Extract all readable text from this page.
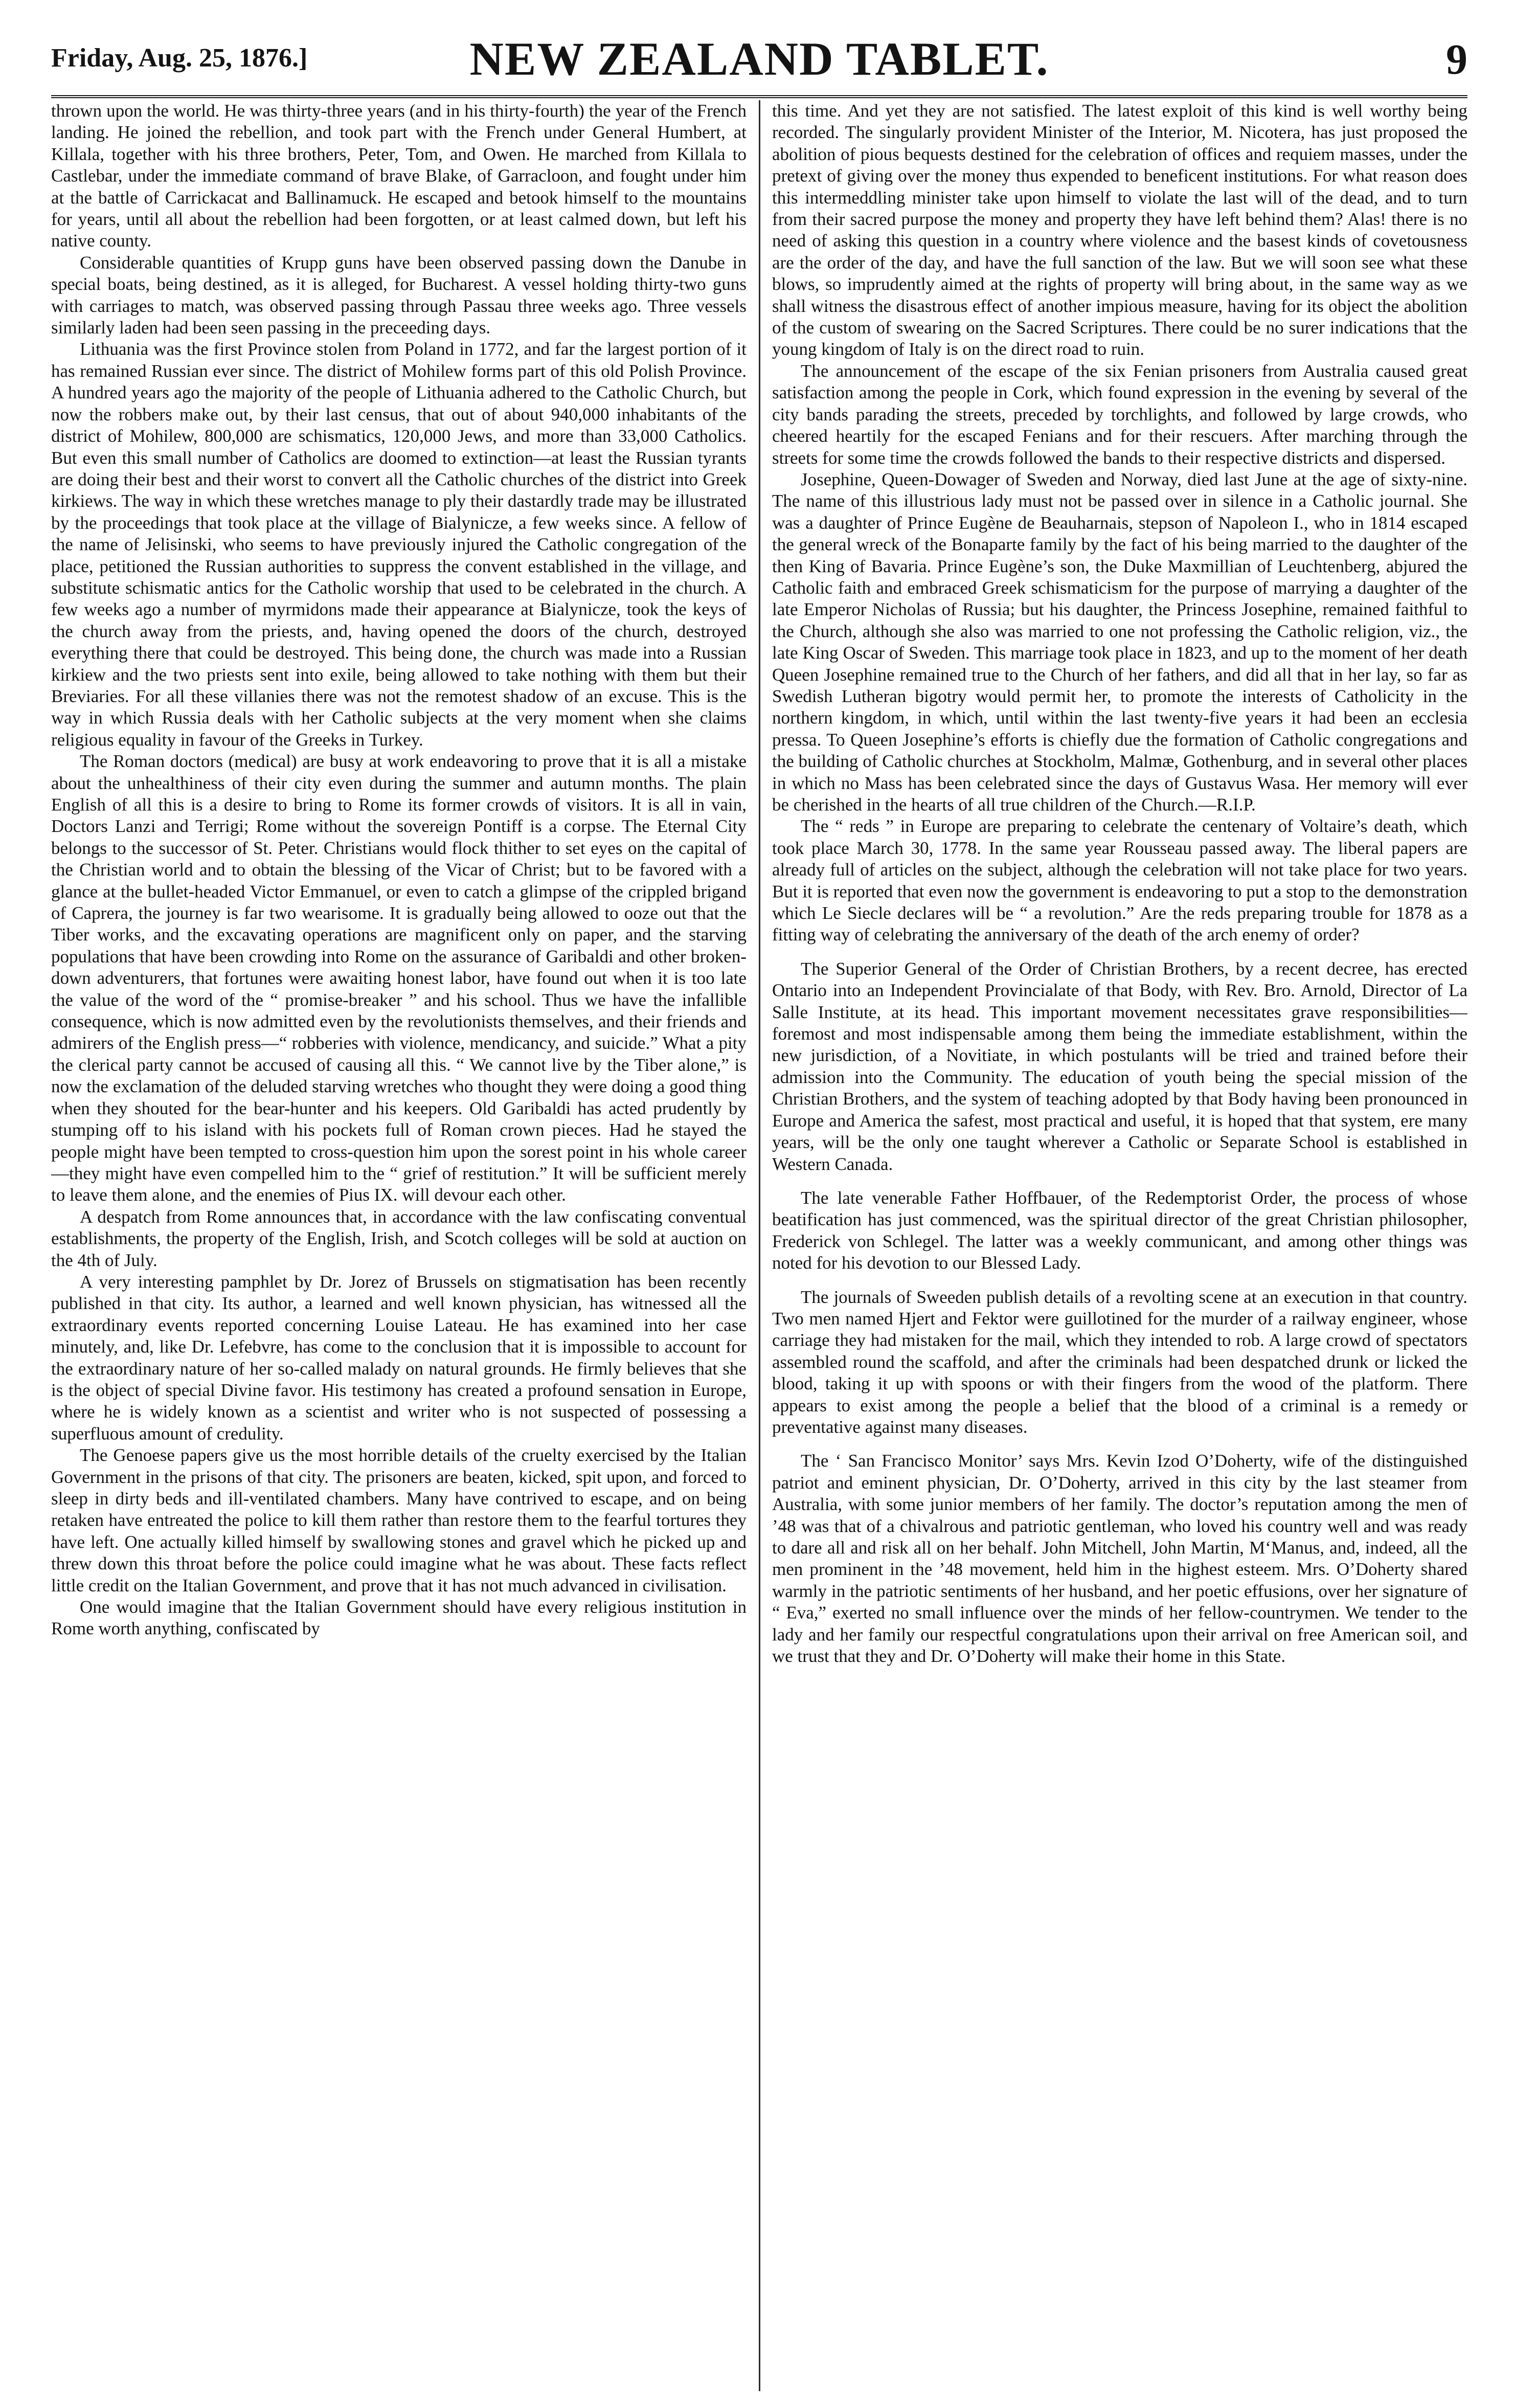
Friday, Aug. 25, 1876.]	NEW ZEALAND TABLET.	9

thrown upon the world. He was thirty-three years (and in his thirty-fourth) the year of the French landing. He joined the rebellion, and took part with the French under General Humbert, at Killala, together with his three brothers, Peter, Tom, and Owen. He marched from Killala to Castlebar, under the immediate command of brave Blake, of Garracloon, and fought under him at the battle of Carrickacat and Ballinamuck. He escaped and betook himself to the mountains for years, until all about the rebellion had been forgotten, or at least calmed down, but left his native county.

Considerable quantities of Krupp guns have been observed passing down the Danube in special boats, being destined, as it is alleged, for Bucharest. A vessel holding thirty-two guns with carriages to match, was observed passing through Passau three weeks ago. Three vessels similarly laden had been seen passing in the preceeding days.

Lithuania was the first Province stolen from Poland in 1772, and far the largest portion of it has remained Russian ever since. The district of Mohilew forms part of this old Polish Province. A hundred years ago the majority of the people of Lithuania adhered to the Catholic Church, but now the robbers make out, by their last census, that out of about 940,000 inhabitants of the district of Mohilew, 800,000 are schismatics, 120,000 Jews, and more than 33,000 Catholics. But even this small number of Catholics are doomed to extinction—at least the Russian tyrants are doing their best and their worst to convert all the Catholic churches of the district into Greek kirkiews. The way in which these wretches manage to ply their dastardly trade may be illustrated by the proceedings that took place at the village of Bialynicze, a few weeks since. A fellow of the name of Jelisinski, who seems to have previously injured the Catholic congregation of the place, petitioned the Russian authorities to suppress the convent established in the village, and substitute schismatic antics for the Catholic worship that used to be celebrated in the church. A few weeks ago a number of myrmidons made their appearance at Bialynicze, took the keys of the church away from the priests, and, having opened the doors of the church, destroyed everything there that could be destroyed. This being done, the church was made into a Russian kirkiew and the two priests sent into exile, being allowed to take nothing with them but their Breviaries. For all these villanies there was not the remotest shadow of an excuse. This is the way in which Russia deals with her Catholic subjects at the very moment when she claims religious equality in favour of the Greeks in Turkey.

The Roman doctors (medical) are busy at work endeavoring to prove that it is all a mistake about the unhealthiness of their city even during the summer and autumn months. The plain English of all this is a desire to bring to Rome its former crowds of visitors. It is all in vain, Doctors Lanzi and Terrigi; Rome without the sovereign Pontiff is a corpse. The Eternal City belongs to the successor of St. Peter. Christians would flock thither to set eyes on the capital of the Christian world and to obtain the blessing of the Vicar of Christ; but to be favored with a glance at the bullet-headed Victor Emmanuel, or even to catch a glimpse of the crippled brigand of Caprera, the journey is far two wearisome. It is gradually being allowed to ooze out that the Tiber works, and the excavating operations are magnificent only on paper, and the starving populations that have been crowding into Rome on the assurance of Garibaldi and other broken-down adventurers, that fortunes were awaiting honest labor, have found out when it is too late the value of the word of the “ promise-breaker ” and his school. Thus we have the infallible consequence, which is now admitted even by the revolutionists themselves, and their friends and admirers of the English press—“ robberies with violence, mendicancy, and suicide.” What a pity the clerical party cannot be accused of causing all this. “ We cannot live by the Tiber alone,” is now the exclamation of the deluded starving wretches who thought they were doing a good thing when they shouted for the bear-hunter and his keepers. Old Garibaldi has acted prudently by stumping off to his island with his pockets full of Roman crown pieces. Had he stayed the people might have been tempted to cross-question him upon the sorest point in his whole career—they might have even compelled him to the “ grief of restitution.” It will be sufficient merely to leave them alone, and the enemies of Pius IX. will devour each other.

A despatch from Rome announces that, in accordance with the law confiscating conventual establishments, the property of the English, Irish, and Scotch colleges will be sold at auction on the 4th of July.

A very interesting pamphlet by Dr. Jorez of Brussels on stigmatisation has been recently published in that city. Its author, a learned and well known physician, has witnessed all the extraordinary events reported concerning Louise Lateau. He has examined into her case minutely, and, like Dr. Lefebvre, has come to the conclusion that it is impossible to account for the extraordinary nature of her so-called malady on natural grounds. He firmly believes that she is the object of special Divine favor. His testimony has created a profound sensation in Europe, where he is widely known as a scientist and writer who is not suspected of possessing a superfluous amount of credulity.

The Genoese papers give us the most horrible details of the cruelty exercised by the Italian Government in the prisons of that city. The prisoners are beaten, kicked, spit upon, and forced to sleep in dirty beds and ill-ventilated chambers. Many have contrived to escape, and on being retaken have entreated the police to kill them rather than restore them to the fearful tortures they have left. One actually killed himself by swallowing stones and gravel which he picked up and threw down this throat before the police could imagine what he was about. These facts reflect little credit on the Italian Government, and prove that it has not much advanced in civilisation.

One would imagine that the Italian Government should have every religious institution in Rome worth anything, confiscated by

this time. And yet they are not satisfied. The latest exploit of this kind is well worthy being recorded. The singularly provident Minister of the Interior, M. Nicotera, has just proposed the abolition of pious bequests destined for the celebration of offices and requiem masses, under the pretext of giving over the money thus expended to beneficent institutions. For what reason does this intermeddling minister take upon himself to violate the last will of the dead, and to turn from their sacred purpose the money and property they have left behind them? Alas! there is no need of asking this question in a country where violence and the basest kinds of covetousness are the order of the day, and have the full sanction of the law. But we will soon see what these blows, so imprudently aimed at the rights of property will bring about, in the same way as we shall witness the disastrous effect of another impious measure, having for its object the abolition of the custom of swearing on the Sacred Scriptures. There could be no surer indications that the young kingdom of Italy is on the direct road to ruin.

The announcement of the escape of the six Fenian prisoners from Australia caused great satisfaction among the people in Cork, which found expression in the evening by several of the city bands parading the streets, preceded by torchlights, and followed by large crowds, who cheered heartily for the escaped Fenians and for their rescuers. After marching through the streets for some time the crowds followed the bands to their respective districts and dispersed.

Josephine, Queen-Dowager of Sweden and Norway, died last June at the age of sixty-nine. The name of this illustrious lady must not be passed over in silence in a Catholic journal. She was a daughter of Prince Eugène de Beauharnais, stepson of Napoleon I., who in 1814 escaped the general wreck of the Bonaparte family by the fact of his being married to the daughter of the then King of Bavaria. Prince Eugène’s son, the Duke Maxmillian of Leuchtenberg, abjured the Catholic faith and embraced Greek schismaticism for the purpose of marrying a daughter of the late Emperor Nicholas of Russia; but his daughter, the Princess Josephine, remained faithful to the Church, although she also was married to one not professing the Catholic religion, viz., the late King Oscar of Sweden. This marriage took place in 1823, and up to the moment of her death Queen Josephine remained true to the Church of her fathers, and did all that in her lay, so far as Swedish Lutheran bigotry would permit her, to promote the interests of Catholicity in the northern kingdom, in which, until within the last twenty-five years it had been an ecclesia pressa. To Queen Josephine’s efforts is chiefly due the formation of Catholic congregations and the building of Catholic churches at Stockholm, Malmæ, Gothenburg, and in several other places in which no Mass has been celebrated since the days of Gustavus Wasa. Her memory will ever be cherished in the hearts of all true children of the Church.—R.I.P.

The “ reds ” in Europe are preparing to celebrate the centenary of Voltaire’s death, which took place March 30, 1778. In the same year Rousseau passed away. The liberal papers are already full of articles on the subject, although the celebration will not take place for two years. But it is reported that even now the government is endeavoring to put a stop to the demonstration which Le Siecle declares will be “ a revolution.” Are the reds preparing trouble for 1878 as a fitting way of celebrating the anniversary of the death of the arch enemy of order?

The Superior General of the Order of Christian Brothers, by a recent decree, has erected Ontario into an Independent Provincialate of that Body, with Rev. Bro. Arnold, Director of La Salle Institute, at its head. This important movement necessitates grave responsibilities—foremost and most indispensable among them being the immediate establishment, within the new jurisdiction, of a Novitiate, in which postulants will be tried and trained before their admission into the Community. The education of youth being the special mission of the Christian Brothers, and the system of teaching adopted by that Body having been pronounced in Europe and America the safest, most practical and useful, it is hoped that that system, ere many years, will be the only one taught wherever a Catholic or Separate School is established in Western Canada.

The late venerable Father Hoffbauer, of the Redemptorist Order, the process of whose beatification has just commenced, was the spiritual director of the great Christian philosopher, Frederick von Schlegel. The latter was a weekly communicant, and among other things was noted for his devotion to our Blessed Lady.

The journals of Sweeden publish details of a revolting scene at an execution in that country. Two men named Hjert and Fektor were guillotined for the murder of a railway engineer, whose carriage they had mistaken for the mail, which they intended to rob. A large crowd of spectators assembled round the scaffold, and after the criminals had been despatched drunk or licked the blood, taking it up with spoons or with their fingers from the wood of the platform. There appears to exist among the people a belief that the blood of a criminal is a remedy or preventative against many diseases.

The ‘ San Francisco Monitor’ says Mrs. Kevin Izod O’Doherty, wife of the distinguished patriot and eminent physician, Dr. O’Doherty, arrived in this city by the last steamer from Australia, with some junior members of her family. The doctor’s reputation among the men of ’48 was that of a chivalrous and patriotic gentleman, who loved his country well and was ready to dare all and risk all on her behalf. John Mitchell, John Martin, M‘Manus, and, indeed, all the men prominent in the ’48 movement, held him in the highest esteem. Mrs. O’Doherty shared warmly in the patriotic sentiments of her husband, and her poetic effusions, over her signature of “ Eva,” exerted no small influence over the minds of her fellow-countrymen. We tender to the lady and her family our respectful congratulations upon their arrival on free American soil, and we trust that they and Dr. O’Doherty will make their home in this State.
